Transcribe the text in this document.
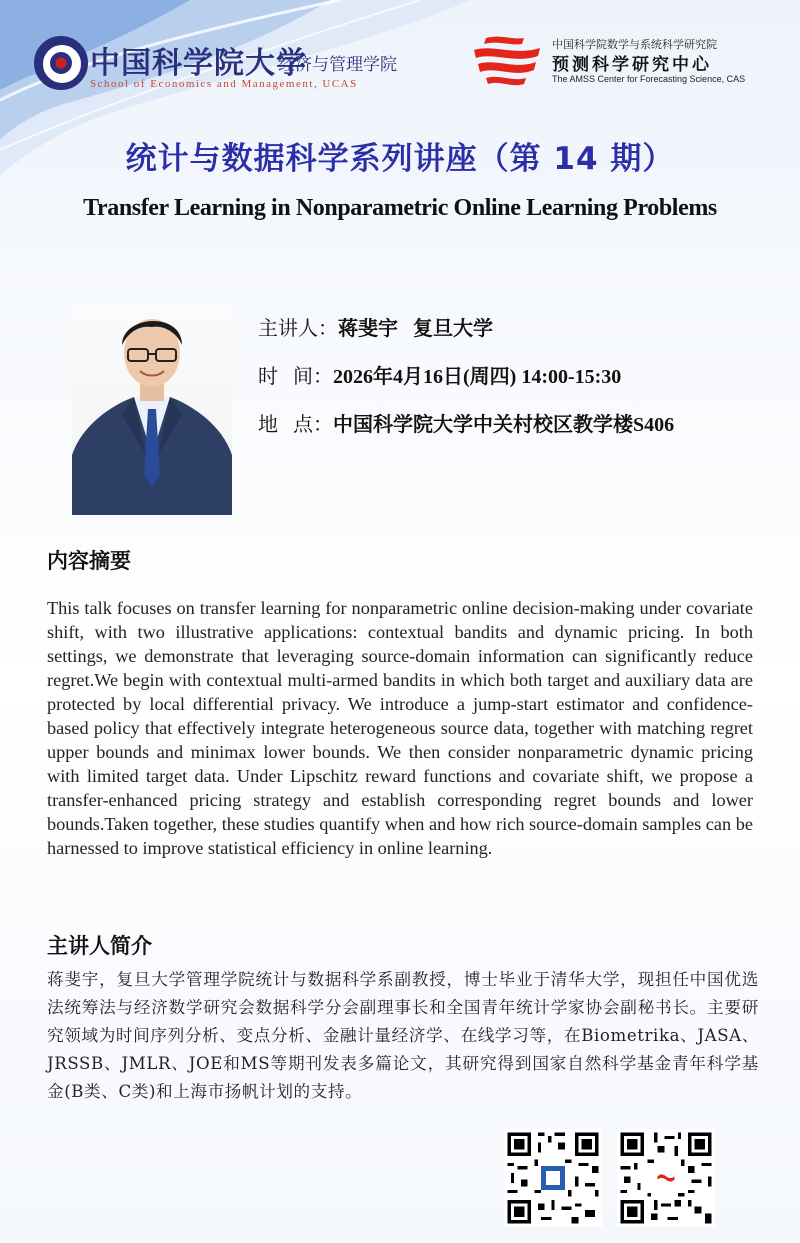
中国科学院大学
经济与管理学院
School of Economics and Management, UCAS
中国科学院数学与系统科学研究院
预测科学研究中心
The AMSS Center for Forecasting Science, CAS
统计与数据科学系列讲座（第 14 期）
Transfer Learning in Nonparametric Online Learning Problems
主讲人：蒋斐宇   复旦大学
时   间：2026年4月16日(周四) 14:00-15:30
地   点：中国科学院大学中关村校区教学楼S406
内容摘要
This talk focuses on transfer learning for nonparametric online decision-making under covariate shift, with two illustrative applications: contextual bandits and dynamic pricing. In both settings, we demonstrate that leveraging source-domain information can significantly reduce regret.We begin with contextual multi-armed bandits in which both target and auxiliary data are protected by local differential privacy. We introduce a jump-start estimator and confidence-based policy that effectively integrate heterogeneous source data, together with matching regret upper bounds and minimax lower bounds. We then consider nonparametric dynamic pricing with limited target data. Under Lipschitz reward functions and covariate shift, we propose a transfer-enhanced pricing strategy and establish corresponding regret bounds and lower bounds.Taken together, these studies quantify when and how rich source-domain samples can be harnessed to improve statistical efficiency in online learning.
主讲人简介
蒋斐宇，复旦大学管理学院统计与数据科学系副教授，博士毕业于清华大学，现担任中国优选法统筹法与经济数学研究会数据科学分会副理事长和全国青年统计学家协会副秘书长。主要研究领域为时间序列分析、变点分析、金融计量经济学、在线学习等，在Biometrika、JASA、JRSSB、JMLR、JOE和MS等期刊发表多篇论文，其研究得到国家自然科学基金青年科学基金(B类、C类)和上海市扬帆计划的支持。
